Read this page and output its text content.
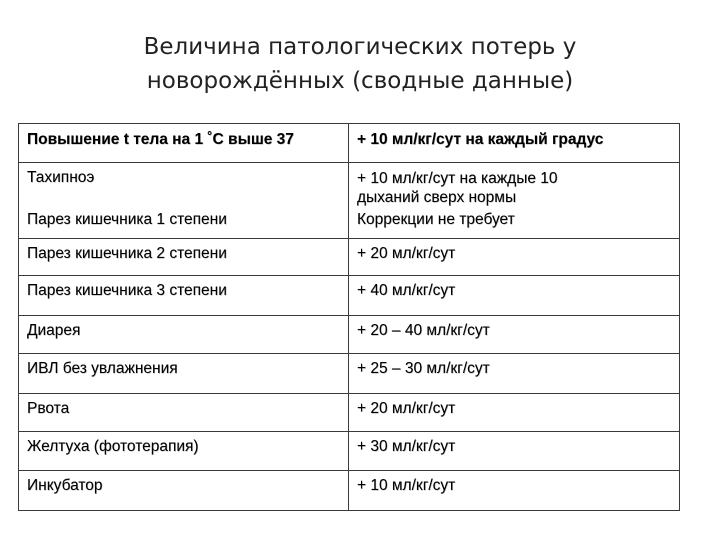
Величина патологических потерь у
новорождённых (сводные данные)
Повышение t тела на 1 ˚С выше 37	+ 10 мл/кг/сут на каждый градус
Тахипноэ	+ 10 мл/кг/сут на каждые 10
дыханий сверх нормы

Парез кишечника 1 степени	Коррекции не требует
Парез кишечника 2 степени	+ 20 мл/кг/сут
Парез кишечника 3 степени	+ 40 мл/кг/сут
Диарея	+ 20 – 40 мл/кг/сут
ИВЛ без увлажнения	+ 25 – 30 мл/кг/сут
Рвота	+ 20 мл/кг/сут
Желтуха (фототерапия)	+ 30 мл/кг/сут
Инкубатор	+ 10 мл/кг/сут
